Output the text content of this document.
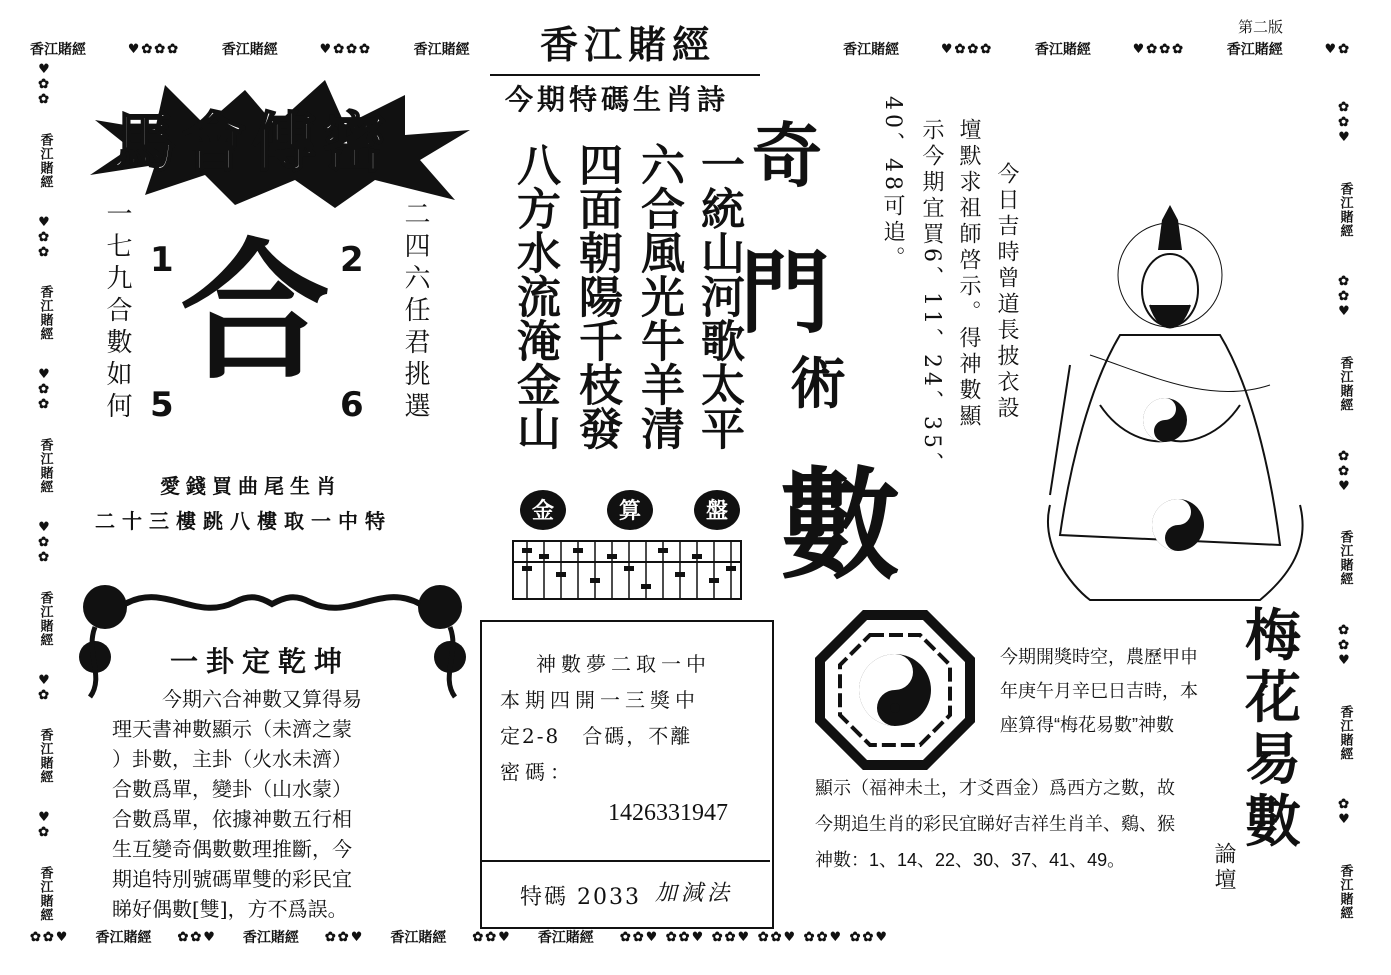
香江賭經	♥✿✿✿	香江賭經	♥✿✿✿	香江賭經	香江賭經	♥✿✿✿	香江賭經	♥✿✿✿	香江賭經	♥✿
香江賭經	第二版
✿✿♥ 香江賭經 ✿✿♥ 香江賭經 ✿✿♥ 香江賭經 ✿✿♥ 香江賭經 ✿✿♥ ✿✿♥ ✿✿♥ ✿✿♥ ✿✿♥ ✿✿♥
♥
✿
✿
香江賭經
♥
✿
✿
香江賭經
♥
✿
✿
香江賭經
♥
✿
✿
香江賭經
♥
✿
香江賭經
♥
✿
香江賭經
✿
✿
♥
香江賭經
✿
✿
♥
香江賭經
✿
✿
♥
香江賭經
✿
✿
♥
香江賭經
✿
♥
香江賭經
馬會傳密
一七九合數如何	二四六任君挑選
1	2
5	6
合
愛錢買曲尾生肖
二十三樓跳八樓取一中特
一卦定乾坤

今期六合神數又算得易

理天書神數顯示（未濟之蒙

）卦數，主卦（火水未濟）

合數爲單，變卦（山水蒙）

合數爲單，依據神數五行相

生互變奇偶數數理推斷，今

期追特別號碼單雙的彩民宜

睇好偶數[雙]，方不爲誤。

今期特碼生肖詩
一統山河歌太平
六合風光牛羊清
四面朝陽千枝發
八方水流淹金山
金	算	盤

神數夢二取一中

本期四開一三獎中

定2-8　合碼，不離

密碼：

1426331947
特碼 2033 加減法
奇
門
術
數
今日吉時曾道長披衣設
壇默求祖師啓示。得神數顯
示今期宜買6、11、24、35、
40、48可追。
梅
花
易
數
論壇
今期開獎時空，農歷甲申
年庚午月辛巳日吉時，本
座算得“梅花易數”神數
顯示（福神未土，才爻酉金）爲西方之數，故
今期追生肖的彩民宜睇好吉祥生肖羊、鷄、猴
神數：1、14、22、30、37、41、49。
